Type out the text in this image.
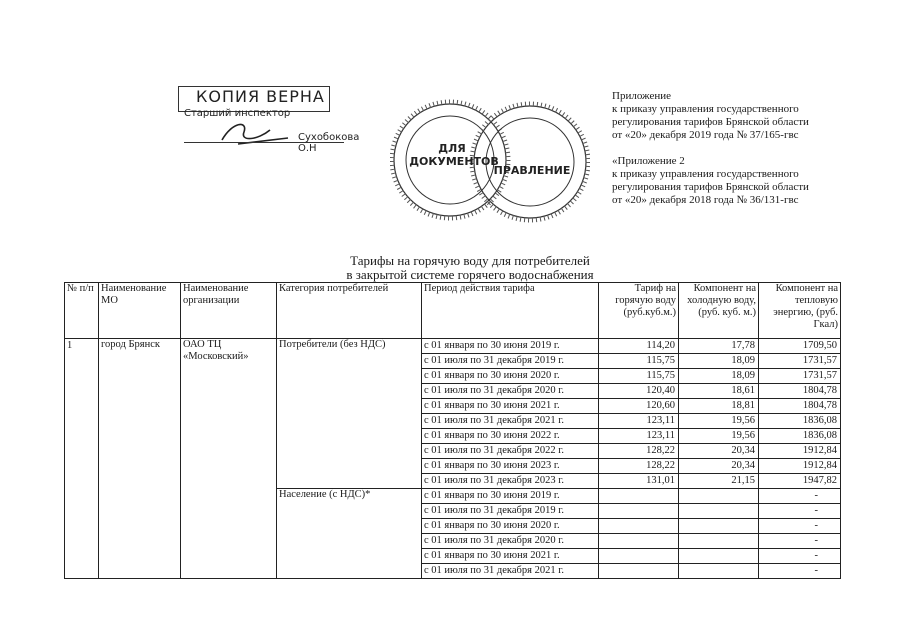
КОПИЯ ВЕРНА
Старший инспектор
Сухобокова О.Н	ДЛЯ
ДОКУМЕНТОВ
ПРАВЛЕНИЕ

Приложение

к приказу управления государственного

регулирования тарифов Брянской области

от «20» декабря 2019 года № 37/165-гвс

«Приложение 2

к приказу управления государственного

регулирования тарифов Брянской области

от «20» декабря 2018 года № 36/131-гвс

Тарифы на горячую воду для потребителей

в закрытой системе горячего водоснабжения

№ п/п	Наименование МО	Наименование организации	Категория потребителей	Период действия тарифа	Тариф на горячую воду (руб.куб.м.)	Компонент на холодную воду, (руб. куб. м.)	Компонент на тепловую энергию, (руб. Гкал)
1	город Брянск	ОАО ТЦ «Московский»	Потребители (без НДС)	с 01 января по 30 июня 2019 г.	114,20	17,78	1709,50
				с 01 июля по 31 декабря 2019 г.	115,75	18,09	1731,57
				с 01 января по 30 июня 2020 г.	115,75	18,09	1731,57
				с 01 июля по 31 декабря 2020 г.	120,40	18,61	1804,78
				с 01 января по 30 июня 2021 г.	120,60	18,81	1804,78
				с 01 июля по 31 декабря 2021 г.	123,11	19,56	1836,08
				с 01 января по 30 июня 2022 г.	123,11	19,56	1836,08
				с 01 июля по 31 декабря 2022 г.	128,22	20,34	1912,84
				с 01 января по 30 июня 2023 г.	128,22	20,34	1912,84
				с 01 июля по 31 декабря 2023 г.	131,01	21,15	1947,82
			Население (с НДС)*	с 01 января по 30 июня 2019 г.			-
				с 01 июля по 31 декабря 2019 г.			-
				с 01 января по 30 июня 2020 г.			-
				с 01 июля по 31 декабря 2020 г.			-
				с 01 января по 30 июня 2021 г.			-
				с 01 июля по 31 декабря 2021 г.			-
